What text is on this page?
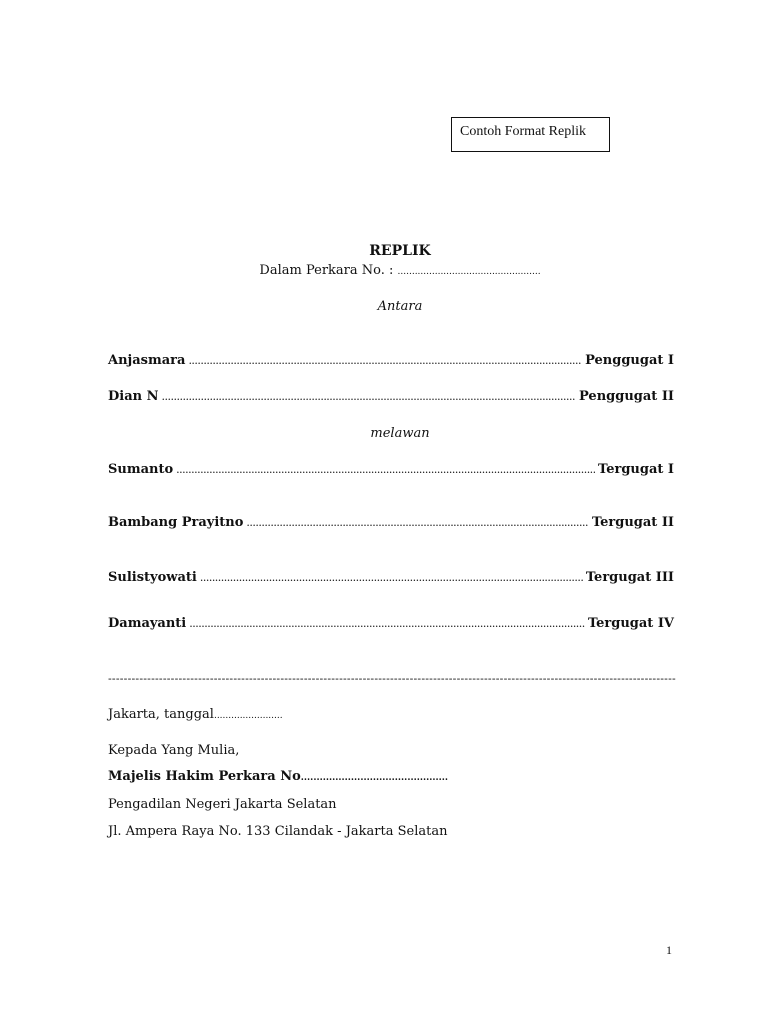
Contoh Format Replik
REPLIK
Dalam Perkara No. : ..................................................
Antara
Anjasmara .....	Penggugat I
Dian N .....	Penggugat II
melawan
Sumanto .....	Tergugat I
Bambang Prayitno .....	Tergugat II
Sulistyowati .....	Tergugat III
Damayanti .....	Tergugat IV
-----
Jakarta, tanggal........................
Kepada Yang Mulia,
Majelis Hakim Perkara No...............................................
Pengadilan Negeri Jakarta Selatan
Jl. Ampera Raya No. 133 Cilandak - Jakarta Selatan
1
